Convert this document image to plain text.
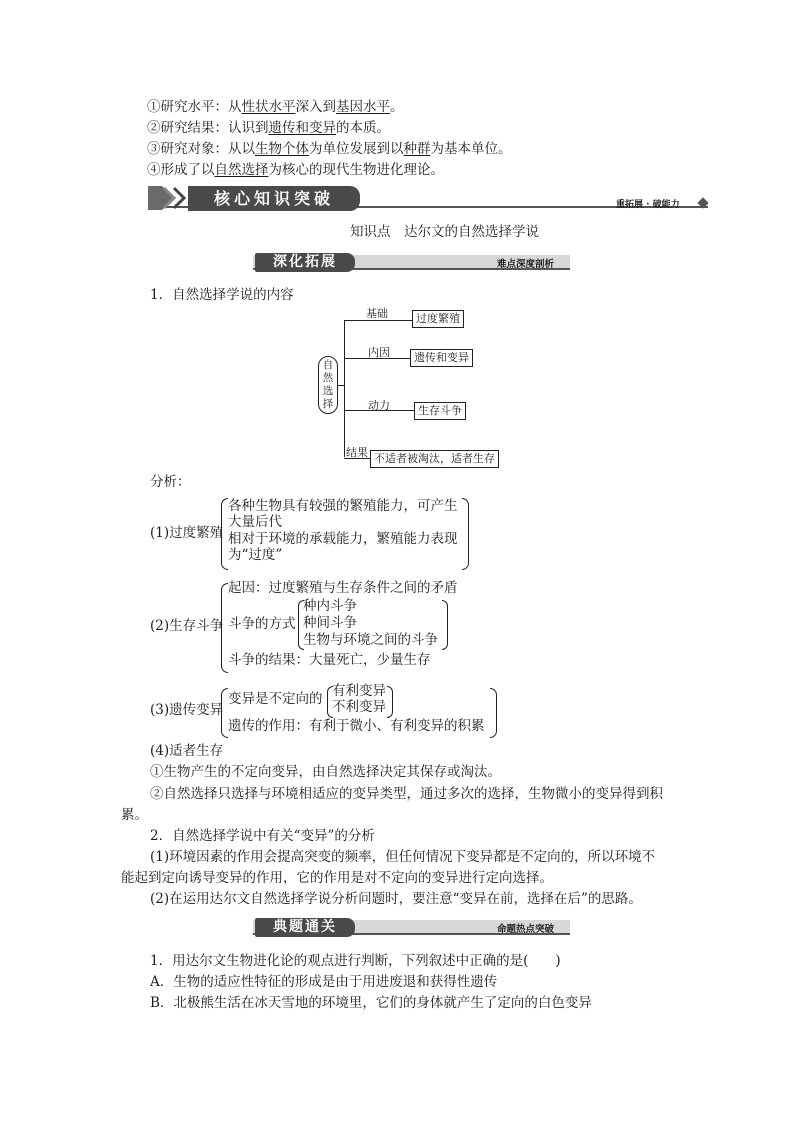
①研究水平：从性状水平深入到基因水平。
②研究结果：认识到遗传和变异的本质。
③研究对象：从以生物个体为单位发展到以种群为基本单位。
④形成了以自然选择为核心的现代生物进化理论。
核心知识突破	重拓展 · 破能力
知识点　达尔文的自然选择学说
深化拓展	难点深度剖析
1．自然选择学说的内容
自然选择
基础	过度繁殖
内因	遗传和变异
动力	生存斗争
结果 不适者被淘汰，适者生存
分析：
(1)过度繁殖
各种生物具有较强的繁殖能力，可产生
大量后代
相对于环境的承载能力，繁殖能力表现
为“过度”
(2)生存斗争
起因：过度繁殖与生存条件之间的矛盾
斗争的方式
种内斗争
种间斗争
生物与环境之间的斗争
斗争的结果：大量死亡，少量生存
(3)遗传变异
变异是不定向的 有利变异
不利变异
遗传的作用：有利于微小、有利变异的积累
(4)适者生存
①生物产生的不定向变异，由自然选择决定其保存或淘汰。
②自然选择只选择与环境相适应的变异类型，通过多次的选择，生物微小的变异得到积
累。
2．自然选择学说中有关“变异”的分析
(1)环境因素的作用会提高突变的频率，但任何情况下变异都是不定向的，所以环境不
能起到定向诱导变异的作用，它的作用是对不定向的变异进行定向选择。
(2)在运用达尔文自然选择学说分析问题时，要注意“变异在前，选择在后”的思路。
典题通关	命题热点突破
1．用达尔文生物进化论的观点进行判断，下列叙述中正确的是(　　)
A．生物的适应性特征的形成是由于用进废退和获得性遗传
B．北极熊生活在冰天雪地的环境里，它们的身体就产生了定向的白色变异
